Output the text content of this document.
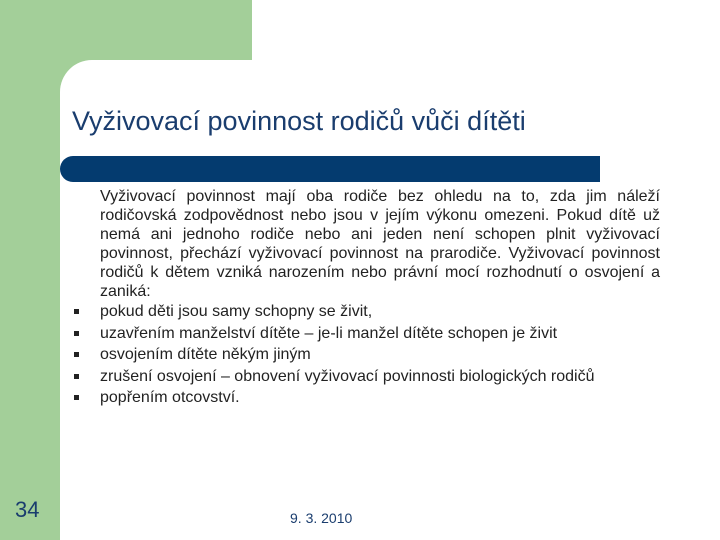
Vyživovací povinnost rodičů vůči dítěti

Vyživovací povinnost mají oba rodiče bez ohledu na to, zda jim náleží rodičovská zodpovědnost nebo jsou v jejím výkonu omezeni. Pokud dítě už nemá ani jednoho rodiče nebo ani jeden není schopen plnit vyživovací povinnost, přechází vyživovací povinnost na prarodiče. Vyživovací povinnost rodičů k dětem vzniká narozením nebo právní mocí rozhodnutí o osvojení a zaniká:

pokud děti jsou samy schopny se živit,
uzavřením manželství dítěte – je-li manžel dítěte schopen je živit
osvojením dítěte někým jiným
zrušení osvojení – obnovení vyživovací povinnosti biologických rodičů
popřením otcovství.
34	9. 3. 2010
